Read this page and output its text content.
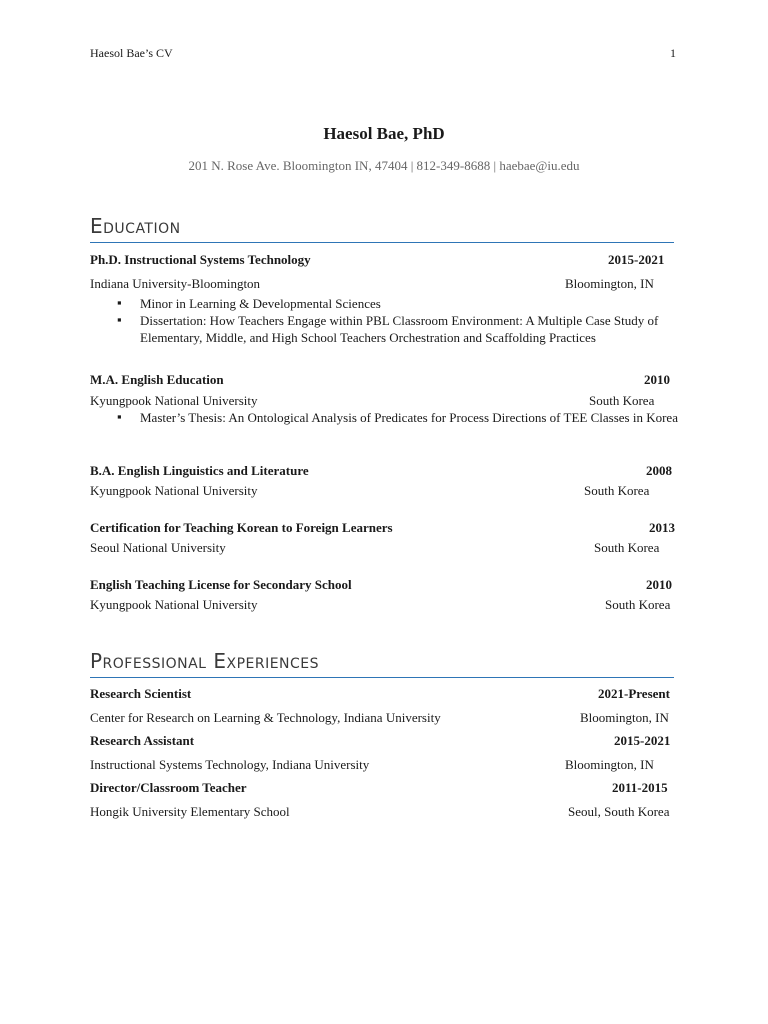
Haesol Bae’s CV	1
Haesol Bae, PhD
201 N. Rose Ave. Bloomington IN, 47404 | 812-349-8688 | haebae@iu.edu
Education
Ph.D. Instructional Systems Technology	2015-2021
Indiana University-Bloomington	Bloomington, IN
▪ Minor in Learning & Developmental Sciences
▪ Dissertation: How Teachers Engage within PBL Classroom Environment: A Multiple Case Study of Elementary, Middle, and High School Teachers Orchestration and Scaffolding Practices
M.A. English Education	2010
Kyungpook National University	South Korea
▪ Master’s Thesis: An Ontological Analysis of Predicates for Process Directions of TEE Classes in Korea
B.A. English Linguistics and Literature	2008
Kyungpook National University	South Korea
Certification for Teaching Korean to Foreign Learners	2013
Seoul National University	South Korea
English Teaching License for Secondary School	2010
Kyungpook National University	South Korea
Professional Experiences
Research Scientist	2021-Present
Center for Research on Learning & Technology, Indiana University	Bloomington, IN
Research Assistant	2015-2021
Instructional Systems Technology, Indiana University	Bloomington, IN
Director/Classroom Teacher	2011-2015
Hongik University Elementary School	Seoul, South Korea
